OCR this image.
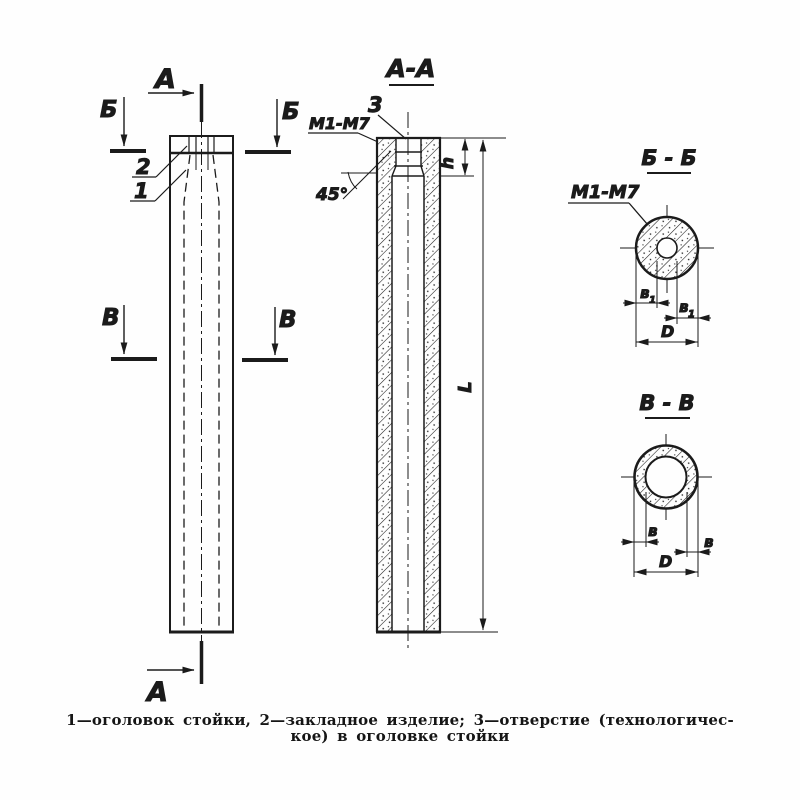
А
А
Б	Б
В	В
2
1
А-А
3
М1-М7
45°
h
L
Б - Б
М1-М7
в 1 в 1
D
В - В
в
в
D
1—оголовок стойки, 2—закладное изделие; 3—отверстие (технологичес-
кое) в оголовке стойки
